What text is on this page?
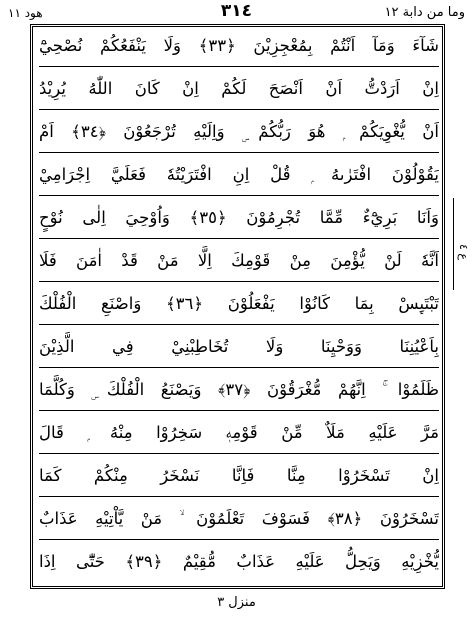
وما من دابة ١٢
٣١٤
هود ١١
شَآءَ وَمَآ اَنْتُمْ بِمُعْجِزِيْنَ ﴿٣٣﴾ وَلَا يَنْفَعُكُمْ نُصْحِيْٓ
اِنْ اَرَدْتُّ اَنْ اَنْصَحَ لَكُمْ اِنْ كَانَ اللّٰهُ يُرِيْدُ
اَنْ يُّغْوِيَكُمْ ۭ هُوَ رَبُّكُمْ ۣ وَاِلَيْهِ تُرْجَعُوْنَ ﴿٣٤﴾ اَمْ
يَقُوْلُوْنَ افْتَرٰىهُ ۭ قُلْ اِنِ افْتَرَيْتُهٗ فَعَلَيَّ اِجْرَامِيْ
وَاَنَا بَرِيْٓءٌ مِّمَّا تُجْرِمُوْنَ ﴿٣٥﴾ وَاُوْحِيَ اِلٰى نُوْحٍ
اَنَّهٗ لَنْ يُّؤْمِنَ مِنْ قَوْمِكَ اِلَّا مَنْ قَدْ اٰمَنَ فَلَا
تَبْتَىِٕسْ بِمَا كَانُوْا يَفْعَلُوْنَ ﴿٣٦﴾ وَاصْنَعِ الْفُلْكَ
بِاَعْيُنِنَا وَوَحْيِنَا وَلَا تُخَاطِبْنِيْ فِي الَّذِيْنَ
ظَلَمُوْا ۚ اِنَّهُمْ مُّغْرَقُوْنَ ﴿٣٧﴾ وَيَصْنَعُ الْفُلْكَ ۣ وَكُلَّمَا
مَرَّ عَلَيْهِ مَلَاٌ مِّنْ قَوْمِهٖ سَخِرُوْا مِنْهُ ۭ قَالَ
اِنْ تَسْخَرُوْا مِنَّا فَاِنَّا نَسْخَرُ مِنْكُمْ كَمَا
تَسْخَرُوْنَ ﴿٣٨﴾ فَسَوْفَ تَعْلَمُوْنَ ۙ مَنْ يَّاْتِيْهِ عَذَابٌ
يُّخْزِيْهِ وَيَحِلُّ عَلَيْهِ عَذَابٌ مُّقِيْمٌ ﴿٣٩﴾ حَتّٰٓى اِذَا
ع ٤
منزل ٣
